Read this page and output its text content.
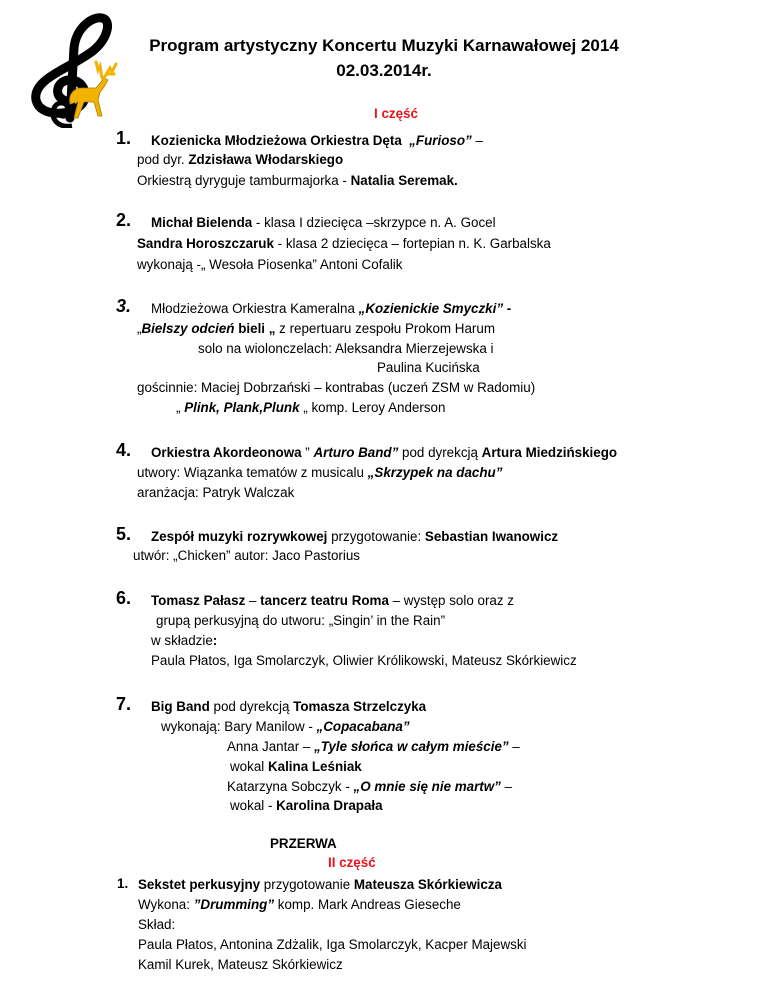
Program artystyczny Koncertu Muzyki Karnawałowej 2014
02.03.2014r.
I część
1. Kozienicka Młodzieżowa Orkiestra Dęta „Furioso” –
pod dyr. Zdzisława Włodarskiego
Orkiestrą dyryguje tamburmajorka - Natalia Seremak.
2. Michał Bielenda - klasa I dziecięca –skrzypce n. A. Gocel
Sandra Horoszczaruk - klasa 2 dziecięca – fortepian n. K. Garbalska
wykonają -„ Wesoła Piosenka” Antoni Cofalik
3. Młodzieżowa Orkiestra Kameralna „Kozienickie Smyczki” -
„Bielszy odcień bieli „ z repertuaru zespołu Prokom Harum
solo na wiolonczelach: Aleksandra Mierzejewska i
Paulina Kucińska
gościnnie: Maciej Dobrzański – kontrabas (uczeń ZSM w Radomiu)
„ Plink, Plank,Plunk „ komp. Leroy Anderson
4. Orkiestra Akordeonowa ” Arturo Band” pod dyrekcją Artura Miedzińskiego
utwory: Wiązanka tematów z musicalu „Skrzypek na dachu”
aranżacja: Patryk Walczak
5. Zespół muzyki rozrywkowej przygotowanie: Sebastian Iwanowicz
utwór: „Chicken” autor: Jaco Pastorius
6. Tomasz Pałasz – tancerz teatru Roma – występ solo oraz z
grupą perkusyjną do utworu: „Singin’ in the Rain”
w składzie:
Paula Płatos, Iga Smolarczyk, Oliwier Królikowski, Mateusz Skórkiewicz
7. Big Band pod dyrekcją Tomasza Strzelczyka
wykonają: Bary Manilow - „Copacabana”
Anna Jantar – „Tyle słońca w całym mieście” –
wokal Kalina Leśniak
Katarzyna Sobczyk - „O mnie się nie martw” –
wokal - Karolina Drapała
PRZERWA
II część
1. Sekstet perkusyjny przygotowanie Mateusza Skórkiewicza
Wykona: ”Drumming” komp. Mark Andreas Gieseche
Skład:
Paula Płatos, Antonina Zdżalik, Iga Smolarczyk, Kacper Majewski
Kamil Kurek, Mateusz Skórkiewicz
